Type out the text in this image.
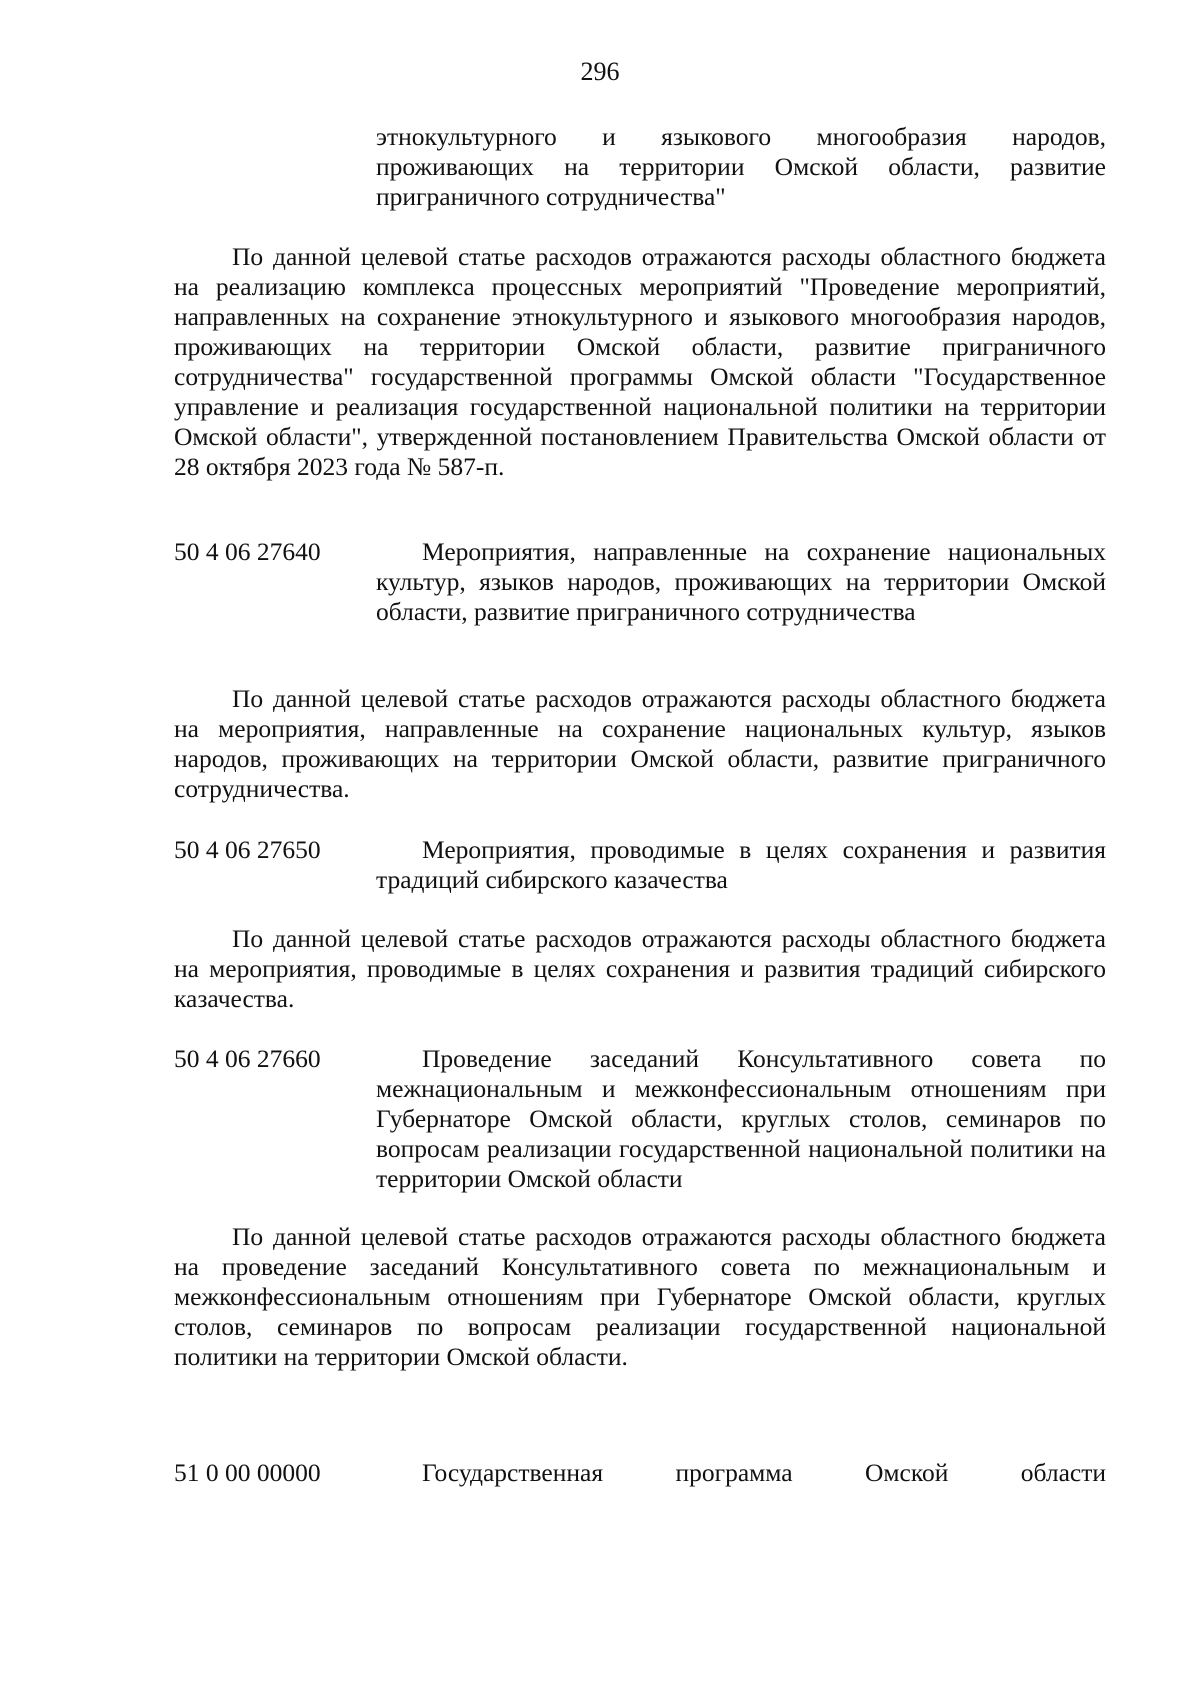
296
этнокультурного и языкового многообразия народов, проживающих на территории Омской области, развитие приграничного сотрудничества"
По данной целевой статье расходов отражаются расходы областного бюджета на реализацию комплекса процессных мероприятий "Проведение мероприятий, направленных на сохранение этнокультурного и языкового многообразия народов, проживающих на территории Омской области, развитие приграничного сотрудничества" государственной программы Омской области "Государственное управление и реализация государственной национальной политики на территории Омской области", утвержденной постановлением Правительства Омской области от 28 октября 2023 года № 587-п.
50 4 06 27640	Мероприятия, направленные на сохранение национальных культур, языков народов, проживающих на территории Омской области, развитие приграничного сотрудничества
По данной целевой статье расходов отражаются расходы областного бюджета на мероприятия, направленные на сохранение национальных культур, языков народов, проживающих на территории Омской области, развитие приграничного сотрудничества.
50 4 06 27650	Мероприятия, проводимые в целях сохранения и развития традиций сибирского казачества
По данной целевой статье расходов отражаются расходы областного бюджета на мероприятия, проводимые в целях сохранения и развития традиций сибирского казачества.
50 4 06 27660	Проведение заседаний Консультативного совета по межнациональным и межконфессиональным отношениям при Губернаторе Омской области, круглых столов, семинаров по вопросам реализации государственной национальной политики на территории Омской области
По данной целевой статье расходов отражаются расходы областного бюджета на проведение заседаний Консультативного совета по межнациональным и межконфессиональным отношениям при Губернаторе Омской области, круглых столов, семинаров по вопросам реализации государственной национальной политики на территории Омской области.
51 0 00 00000	Государственная программа Омской области
